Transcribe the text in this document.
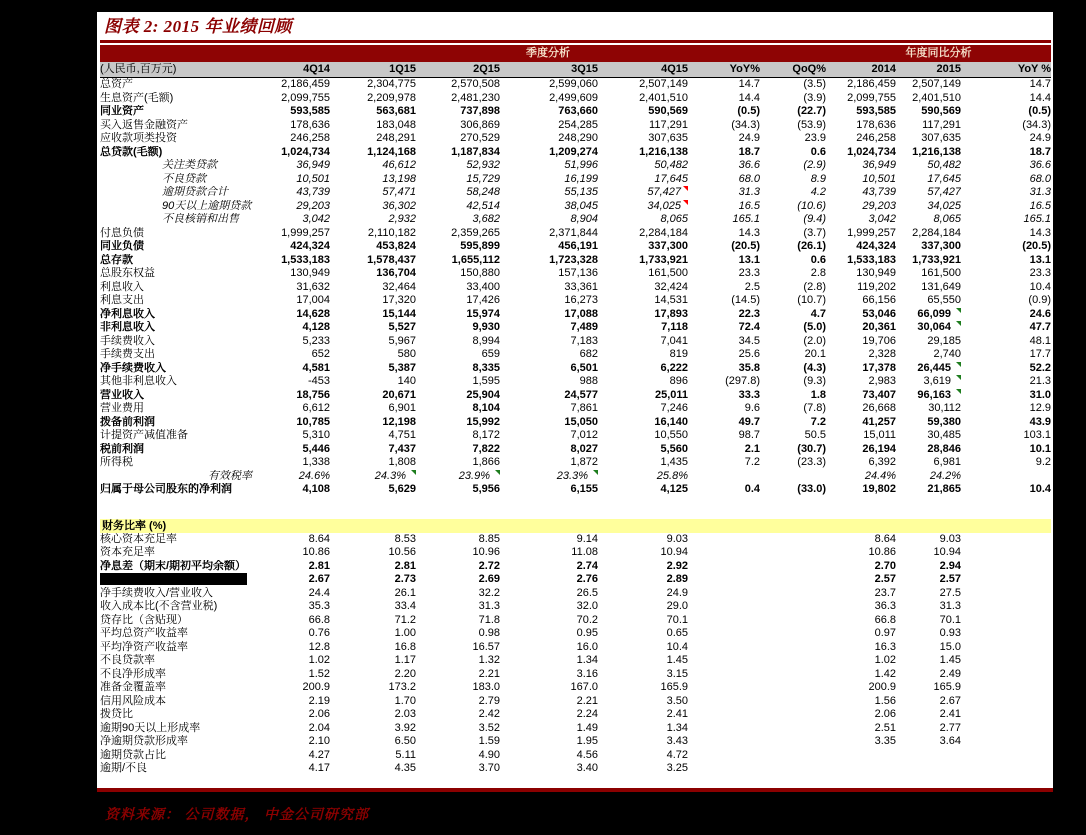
图表 2: 2015 年业绩回顾
	季度分析							年度同比分析		
(人民币,百万元)	4Q14	1Q15	2Q15	3Q15	4Q15	YoY%	QoQ%	2014	2015	YoY %
总资产	2,186,459	2,304,775	2,570,508	2,599,060	2,507,149	14.7	(3.5)	2,186,459	2,507,149	14.7
生息资产(毛额)	2,099,755	2,209,978	2,481,230	2,499,609	2,401,510	14.4	(3.9)	2,099,755	2,401,510	14.4
同业资产	593,585	563,681	737,898	763,660	590,569	(0.5)	(22.7)	593,585	590,569	(0.5)
买入返售金融资产	178,636	183,048	306,869	254,285	117,291	(34.3)	(53.9)	178,636	117,291	(34.3)
应收款项类投资	246,258	248,291	270,529	248,290	307,635	24.9	23.9	246,258	307,635	24.9
总贷款(毛额)	1,024,734	1,124,168	1,187,834	1,209,274	1,216,138	18.7	0.6	1,024,734	1,216,138	18.7
关注类贷款	36,949	46,612	52,932	51,996	50,482	36.6	(2.9)	36,949	50,482	36.6
不良贷款	10,501	13,198	15,729	16,199	17,645	68.0	8.9	10,501	17,645	68.0
逾期贷款合计	43,739	57,471	58,248	55,135	57,427	31.3	4.2	43,739	57,427	31.3
90天以上逾期贷款	29,203	36,302	42,514	38,045	34,025	16.5	(10.6)	29,203	34,025	16.5
不良核销和出售	3,042	2,932	3,682	8,904	8,065	165.1	(9.4)	3,042	8,065	165.1
付息负债	1,999,257	2,110,182	2,359,265	2,371,844	2,284,184	14.3	(3.7)	1,999,257	2,284,184	14.3
同业负债	424,324	453,824	595,899	456,191	337,300	(20.5)	(26.1)	424,324	337,300	(20.5)
总存款	1,533,183	1,578,437	1,655,112	1,723,328	1,733,921	13.1	0.6	1,533,183	1,733,921	13.1
总股东权益	130,949	136,704	150,880	157,136	161,500	23.3	2.8	130,949	161,500	23.3
利息收入	31,632	32,464	33,400	33,361	32,424	2.5	(2.8)	119,202	131,649	10.4
利息支出	17,004	17,320	17,426	16,273	14,531	(14.5)	(10.7)	66,156	65,550	(0.9)
净利息收入	14,628	15,144	15,974	17,088	17,893	22.3	4.7	53,046	66,099	24.6
非利息收入	4,128	5,527	9,930	7,489	7,118	72.4	(5.0)	20,361	30,064	47.7
手续费收入	5,233	5,967	8,994	7,183	7,041	34.5	(2.0)	19,706	29,185	48.1
手续费支出	652	580	659	682	819	25.6	20.1	2,328	2,740	17.7
净手续费收入	4,581	5,387	8,335	6,501	6,222	35.8	(4.3)	17,378	26,445	52.2
其他非利息收入	-453	140	1,595	988	896	(297.8)	(9.3)	2,983	3,619	21.3
营业收入	18,756	20,671	25,904	24,577	25,011	33.3	1.8	73,407	96,163	31.0
营业费用	6,612	6,901	8,104	7,861	7,246	9.6	(7.8)	26,668	30,112	12.9
拨备前利润	10,785	12,198	15,992	15,050	16,140	49.7	7.2	41,257	59,380	43.9
计提资产减值准备	5,310	4,751	8,172	7,012	10,550	98.7	50.5	15,011	30,485	103.1
税前利润	5,446	7,437	7,822	8,027	5,560	2.1	(30.7)	26,194	28,846	10.1
所得税	1,338	1,808	1,866	1,872	1,435	7.2	(23.3)	6,392	6,981	9.2
有效税率	24.6%	24.3%	23.9%	23.3%	25.8%			24.4%	24.2%	
归属于母公司股东的净利润	4,108	5,629	5,956	6,155	4,125	0.4	(33.0)	19,802	21,865	10.4

财务比率 (%)										
核心资本充足率	8.64	8.53	8.85	9.14	9.03			8.64	9.03	
资本充足率	10.86	10.56	10.96	11.08	10.94			10.86	10.94	
净息差（期末/期初平均余额）	2.81	2.81	2.72	2.74	2.92			2.70	2.94	
	2.67	2.73	2.69	2.76	2.89			2.57	2.57	
净手续费收入/营业收入	24.4	26.1	32.2	26.5	24.9			23.7	27.5	
收入成本比(不含营业税)	35.3	33.4	31.3	32.0	29.0			36.3	31.3	
贷存比（含贴现）	66.8	71.2	71.8	70.2	70.1			66.8	70.1	
平均总资产收益率	0.76	1.00	0.98	0.95	0.65			0.97	0.93	
平均净资产收益率	12.8	16.8	16.57	16.0	10.4			16.3	15.0	
不良贷款率	1.02	1.17	1.32	1.34	1.45			1.02	1.45	
不良净形成率	1.52	2.20	2.21	3.16	3.15			1.42	2.49	
准备金覆盖率	200.9	173.2	183.0	167.0	165.9			200.9	165.9	
信用风险成本	2.19	1.70	2.79	2.21	3.50			1.56	2.67	
拨贷比	2.06	2.03	2.42	2.24	2.41			2.06	2.41	
逾期90天以上形成率	2.04	3.92	3.52	1.49	1.34			2.51	2.77	
净逾期贷款形成率	2.10	6.50	1.59	1.95	3.43			3.35	3.64	
逾期贷款占比	4.27	5.11	4.90	4.56	4.72					
逾期/不良	4.17	4.35	3.70	3.40	3.25					
资料来源： 公司数据， 中金公司研究部
